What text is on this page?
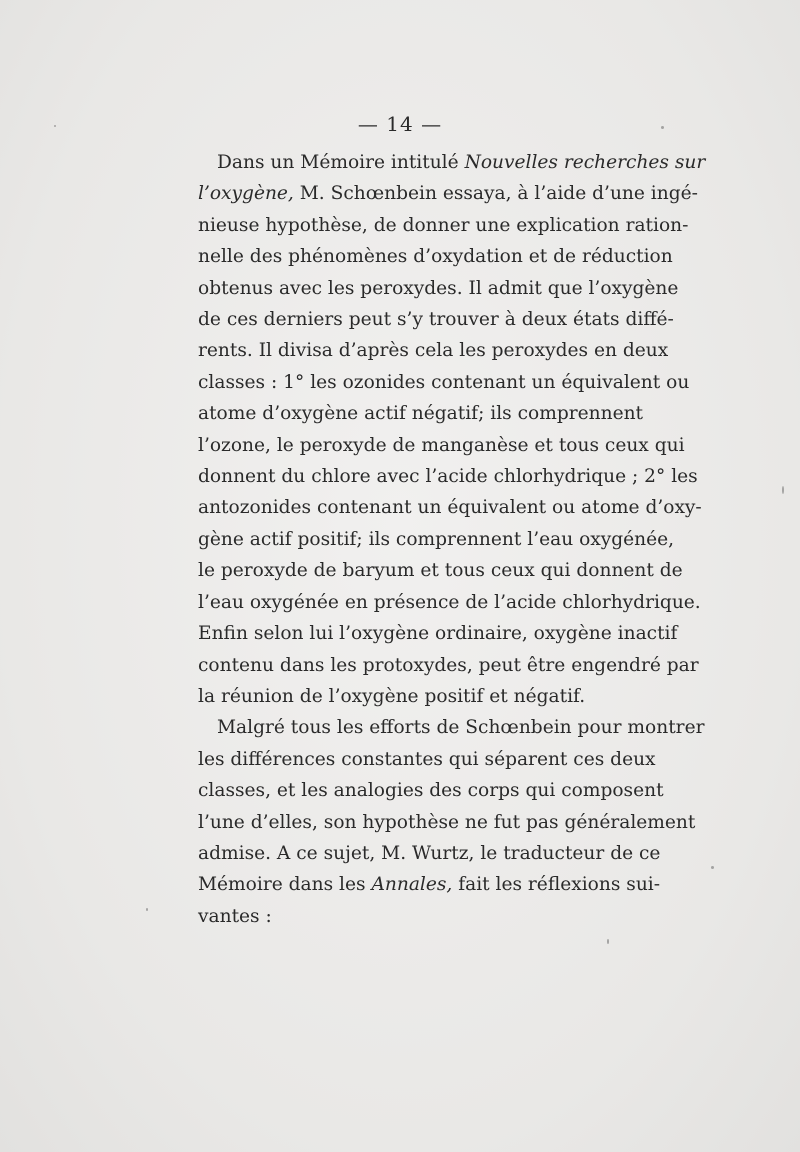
— 14 —
Dans un Mémoire intitulé Nouvelles recherches sur
l’oxygène, M. Schœnbein essaya, à l’aide d’une ingé-
nieuse hypothèse, de donner une explication ration-
nelle des phénomènes d’oxydation et de réduction
obtenus avec les peroxydes. Il admit que l’oxygène
de ces derniers peut s’y trouver à deux états diffé-
rents. Il divisa d’après cela les peroxydes en deux
classes : 1° les ozonides contenant un équivalent ou
atome d’oxygène actif négatif; ils comprennent
l’ozone, le peroxyde de manganèse et tous ceux qui
donnent du chlore avec l’acide chlorhydrique ; 2° les
antozonides contenant un équivalent ou atome d’oxy-
gène actif positif; ils comprennent l’eau oxygénée,
le peroxyde de baryum et tous ceux qui donnent de
l’eau oxygénée en présence de l’acide chlorhydrique.
Enfin selon lui l’oxygène ordinaire, oxygène inactif
contenu dans les protoxydes, peut être engendré par
la réunion de l’oxygène positif et négatif.
Malgré tous les efforts de Schœnbein pour montrer
les différences constantes qui séparent ces deux
classes, et les analogies des corps qui composent
l’une d’elles, son hypothèse ne fut pas généralement
admise. A ce sujet, M. Wurtz, le traducteur de ce
Mémoire dans les Annales, fait les réflexions sui-
vantes :
